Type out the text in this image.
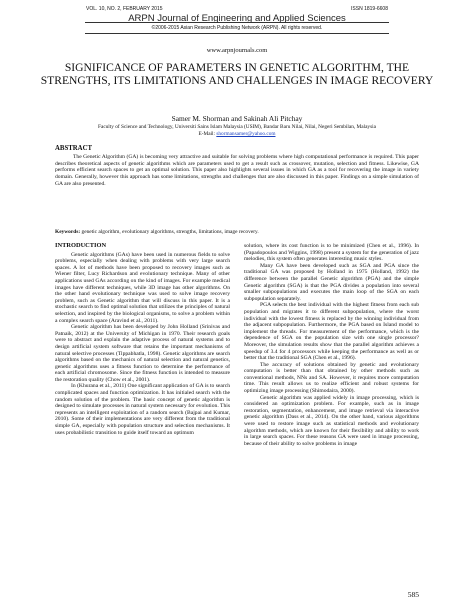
VOL. 10, NO. 2, FEBRUARY 2015	ISSN 1819-6608
ARPN Journal of Engineering and Applied Sciences
©2006-2015 Asian Research Publishing Network (ARPN). All rights reserved.
www.arpnjournals.com
SIGNIFICANCE OF PARAMETERS IN GENETIC ALGORITHM, THE STRENGTHS, ITS LIMITATIONS AND CHALLENGES IN IMAGE RECOVERY
Samer M. Shorman and Sakinah Ali Pitchay
Faculty of Science and Technology, Universiti Sains Islam Malaysia (USIM), Bandar Baru Nilai, Nilai, Negeri Sembilan, Malaysia
E-Mail: shormansamer@yahoo.com
ABSTRACT
The Genetic Algorithm (GA) is becoming very attractive and suitable for solving problems where high computational performance is required. This paper describes theoretical aspects of genetic algorithms which are parameters used to get a result such as crossover, mutation, selection and fitness. Likewise, GA performs efficient search spaces to get an optimal solution. This paper also highlights several issues in which GA as a tool for recovering the image in variety domain. Generally, however this approach has some limitations, strengths and challenges that are also discussed in this paper. Findings on a simple simulation of GA are also presented.
Keywords: genetic algorithm, evolutionary algorithms, strengths, limitations, image recovery.
INTRODUCTION

Genetic algorithms (GAs) have been used in numerous fields to solve problems, especially when dealing with problems with very large search spaces. A lot of methods have been proposed to recovery images such as Wiener filter, Lucy Richardson and evolutionary technique. Many of other applications used GAs according on the kind of images. For example medical images have different techniques, while 3D image has other algorithms. On the other hand evolutionary technique was used to solve image recovery problem, such as Genetic algorithm that will discuss in this paper. It is a stochastic search to find optimal solution that utilizes the principles of natural selection, and inspired by the biological organisms, to solve a problem within a complex search space (Aravind et al., 2011).

Genetic algorithm has been developed by John Holland (Srinivas and Patnaik, 2012) at the University of Michigan in 1970. Their research goals were to abstract and explain the adaptive process of natural systems and to design artificial system software that retains the important mechanisms of natural selective processes (Tippabhatla, 1998). Genetic algorithms are search algorithms based on the mechanics of natural selection and natural genetics, genetic algorithms uses a fitness function to determine the performance of each artificial chromosome. Since the fitness function is intended to measure the restoration quality (Chow et al., 2001).

In (Khurana et al., 2011) One significant application of GA is to search complicated spaces and function optimization. It has initialed search with the random solution of the problem. The basic concept of genetic algorithm is designed to simulate processes in natural system necessary for evolution. This represents an intelligent exploitation of a random search (Bajpai and Kumar, 2010). Some of their implementations are very different from the traditional simple GA, especially with population structure and selection mechanisms. It uses probabilistic transition to guide itself toward an optimum

solution, where its cost function is to be minimized (Chen et al., 1996). In (Papadopoulos and Wiggins, 1998) present a system for the generation of jazz melodies, this system often generates interesting music styles.

Many GA have been developed such as SGA and PGA since the traditional GA was proposed by Holland in 1975 (Holland, 1992) the difference between the parallel Genetic algorithm (PGA) and the simple Genetic algorithm (SGA) is that the PGA divides a population into several smaller subpopulations and executes the main loop of the SGA on each subpopulation separately.

PGA selects the best individual with the highest fitness from each sub population and migrates it to different subpopulation, where the worst individual with the lowest fitness is replaced by the winning individual from the adjacent subpopulation. Furthermore, the PGA based on Island model to implement the threads. For measurement of the performance, which is the dependence of SGA on the population size with one single processor? Moreover, the simulation results show that the parallel algorithm achieves a speedup of 3.4 for 4 processors while keeping the performance as well as or better that the traditional SGA (Chen et al., 1996).

The accuracy of solutions obtained by genetic and evolutionary computation is better than that obtained by other methods such as conventional methods, NNs and SA. However, it requires more computation time. This result allows us to realize efficient and robust systems for optimizing image processing (Shimodaira, 2000).

Genetic algorithm was applied widely in image processing, which is considered an optimization problem. For example, such as in image restoration, segmentation, enhancement, and image retrieval via interactive genetic algorithm (Dass et al., 2014). On the other hand, various algorithms were used to restore image such as statistical methods and evolutionary algorithm methods, which are known for their flexibility and ability to work in large search spaces. For these reasons GA were used in image processing, because of their ability to solve problems in image

585
